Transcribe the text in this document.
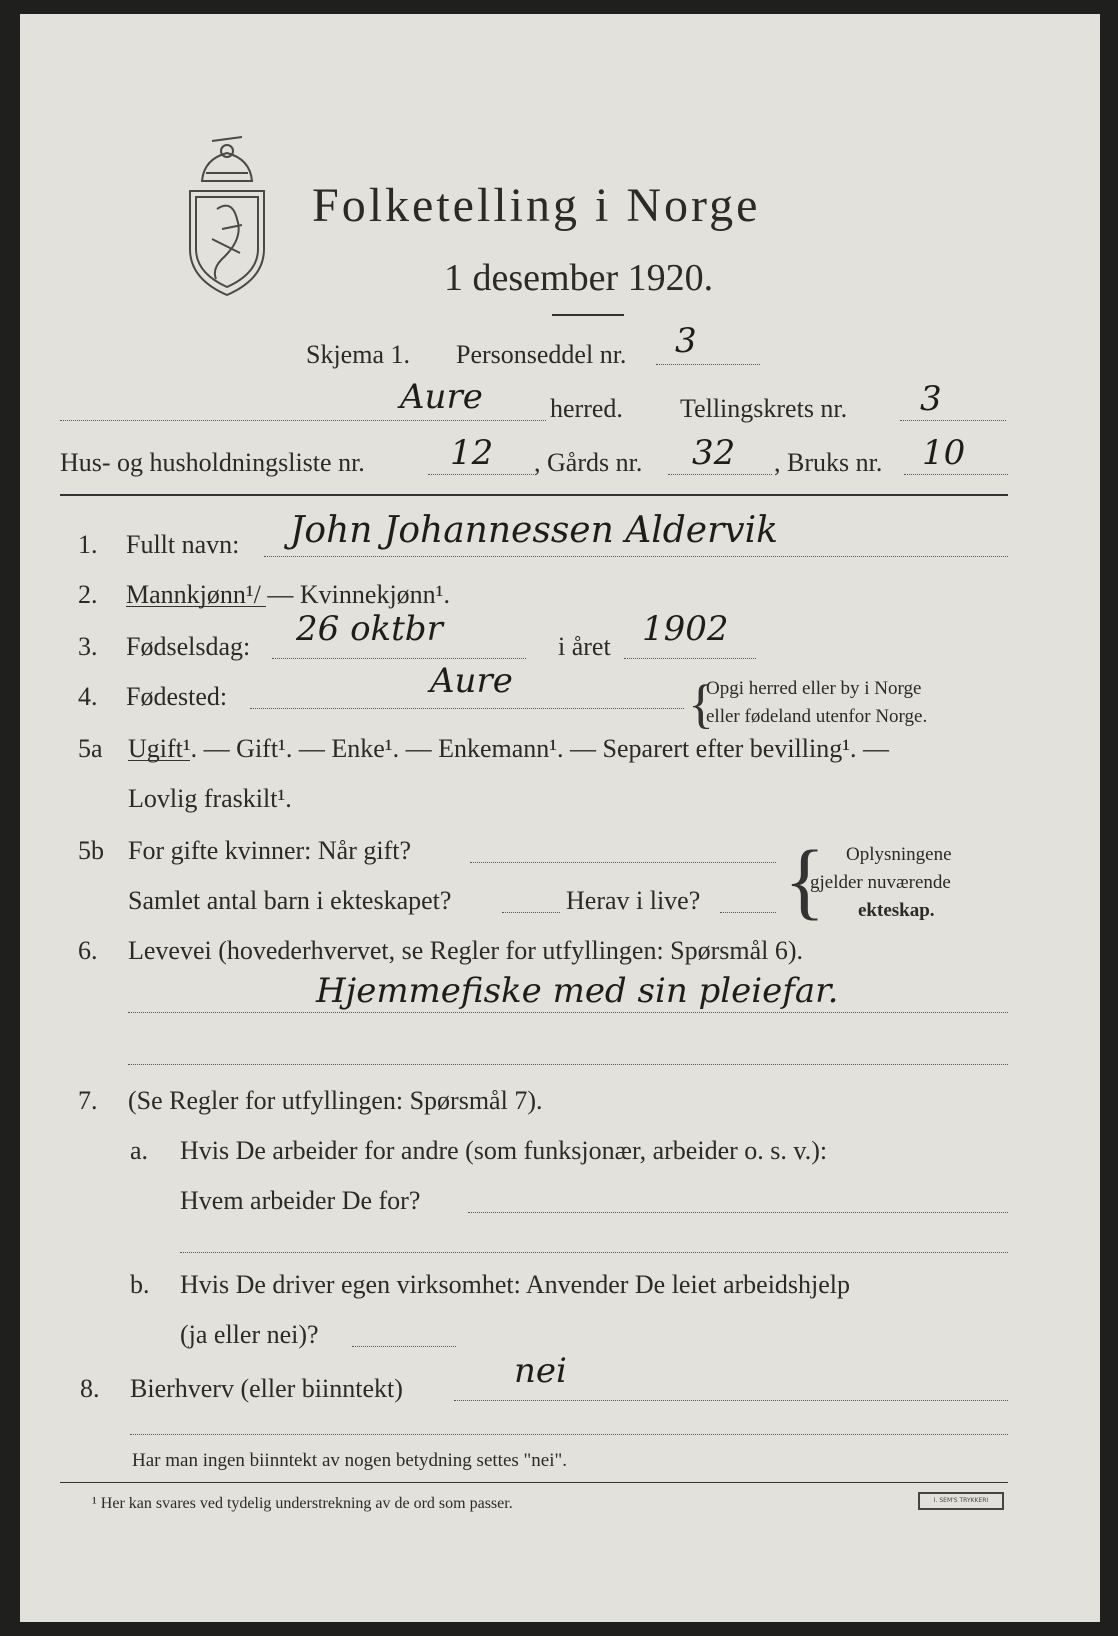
Folketelling i Norge
1 desember 1920.
Skjema 1. Personseddel nr. 3
Aure	herred. Tellingskrets nr. 3
Hus- og husholdningsliste nr.	12 , Gårds nr. 32 , Bruks nr. 10
1. Fullt navn: John Johannessen Aldervik
2. Mannkjønn¹/ — Kvinnekjønn¹.
3. Fødselsdag: 26 oktbr	i året 1902
4. Fødested:	Aure	{
Opgi herred eller by i Norge
eller fødeland utenfor Norge.
5a Ugift¹. — Gift¹. — Enke¹. — Enkemann¹. — Separert efter bevilling¹. —
Lovlig fraskilt¹.
5b For gifte kvinner: Når gift?
Samlet antal barn i ekteskapet?	Herav i live? { Oplysningene
gjelder nuværende
ekteskap.
6. Levevei (hovederhvervet, se Regler for utfyllingen: Spørsmål 6).
Hjemmefiske med sin pleiefar.
7. (Se Regler for utfyllingen: Spørsmål 7).
a. Hvis De arbeider for andre (som funksjonær, arbeider o. s. v.):
Hvem arbeider De for?
b. Hvis De driver egen virksomhet: Anvender De leiet arbeidshjelp
(ja eller nei)?
8. Bierhverv (eller biinntekt)	nei
Har man ingen biinntekt av nogen betydning settes "nei".
¹ Her kan svares ved tydelig understrekning av de ord som passer.	I. SEM'S TRYKKERI
